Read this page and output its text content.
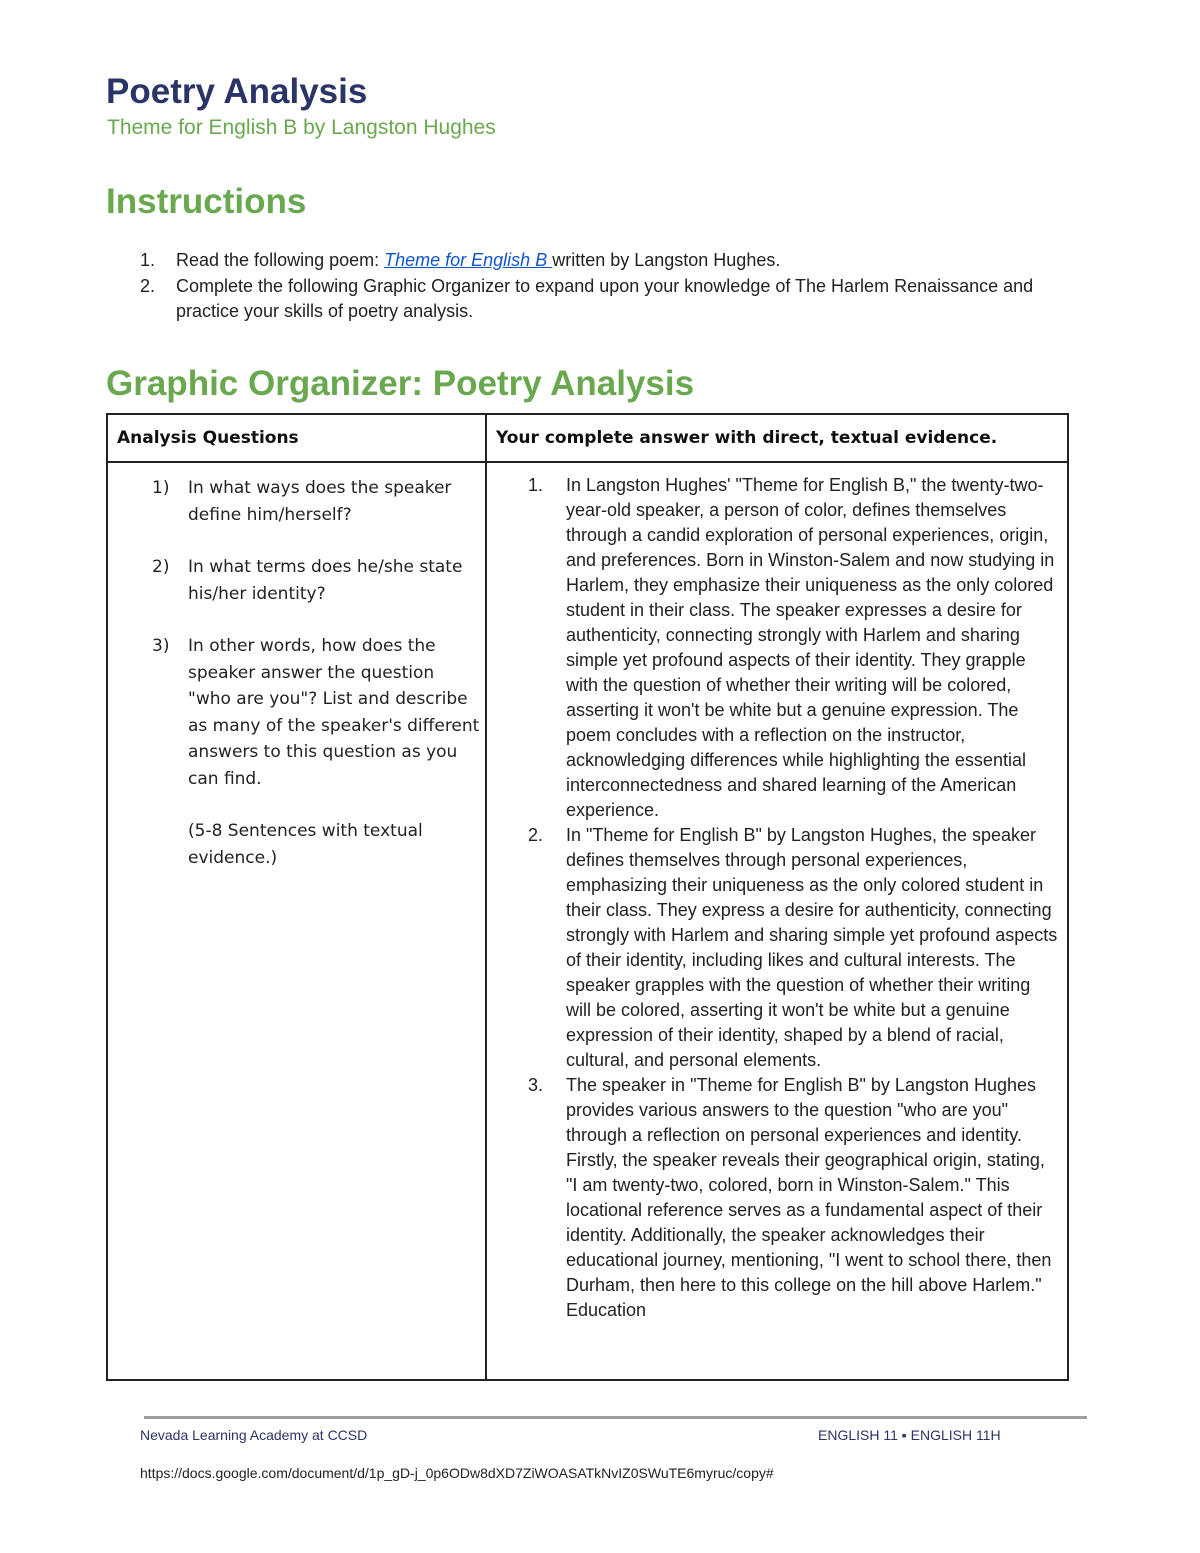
Poetry Analysis
Theme for English B by Langston Hughes
Instructions
1. Read the following poem: Theme for English B written by Langston Hughes.
2. Complete the following Graphic Organizer to expand upon your knowledge of The Harlem Renaissance and practice your skills of poetry analysis.
Graphic Organizer: Poetry Analysis
Analysis Questions	Your complete answer with direct, textual evidence.
1) In what ways does the speaker define him/herself?
2) In what terms does he/she state his/her identity?
3) In other words, how does the speaker answer the question "who are you"? List and describe as many of the speaker's different answers to this question as you can find.
(5-8 Sentences with textual evidence.)
1. In Langston Hughes' "Theme for English B," the twenty-two-year-old speaker, a person of color, defines themselves through a candid exploration of personal experiences, origin, and preferences. Born in Winston-Salem and now studying in Harlem, they emphasize their uniqueness as the only colored student in their class. The speaker expresses a desire for authenticity, connecting strongly with Harlem and sharing simple yet profound aspects of their identity. They grapple with the question of whether their writing will be colored, asserting it won't be white but a genuine expression. The poem concludes with a reflection on the instructor, acknowledging differences while highlighting the essential interconnectedness and shared learning of the American experience.
2. In "Theme for English B" by Langston Hughes, the speaker defines themselves through personal experiences, emphasizing their uniqueness as the only colored student in their class. They express a desire for authenticity, connecting strongly with Harlem and sharing simple yet profound aspects of their identity, including likes and cultural interests. The speaker grapples with the question of whether their writing will be colored, asserting it won't be white but a genuine expression of their identity, shaped by a blend of racial, cultural, and personal elements.
3. The speaker in "Theme for English B" by Langston Hughes provides various answers to the question "who are you" through a reflection on personal experiences and identity. Firstly, the speaker reveals their geographical origin, stating, "I am twenty-two, colored, born in Winston-Salem." This locational reference serves as a fundamental aspect of their identity. Additionally, the speaker acknowledges their educational journey, mentioning, "I went to school there, then Durham, then here to this college on the hill above Harlem." Education
Nevada Learning Academy at CCSD	ENGLISH 11 ▪ ENGLISH 11H
https://docs.google.com/document/d/1p_gD-j_0p6ODw8dXD7ZiWOASATkNvIZ0SWuTE6myruc/copy#
